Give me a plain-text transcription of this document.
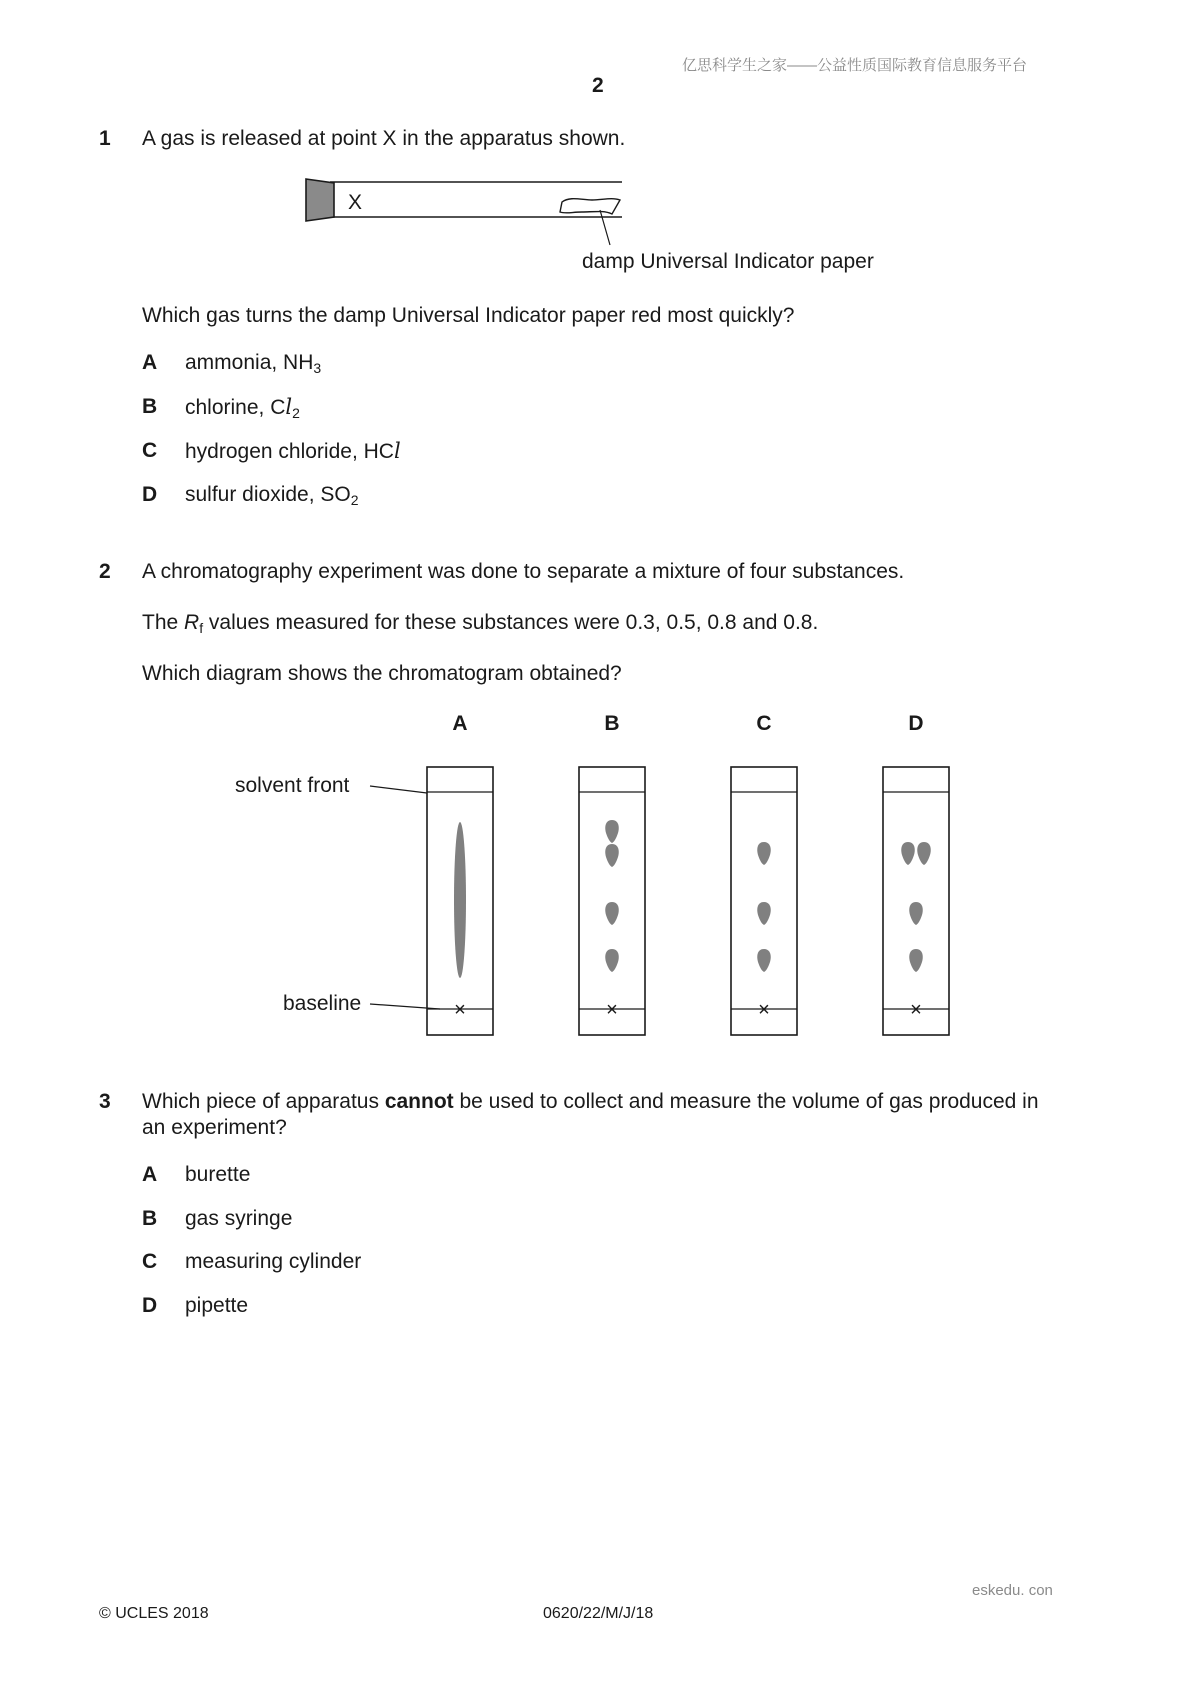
亿思科学生之家——公益性质国际教育信息服务平台
2
1 A gas is released at point X in the apparatus shown.
X
damp Universal Indicator paper
Which gas turns the damp Universal Indicator paper red most quickly?
A ammonia, $NH_3$
B chlorine, $Cl_2$
C hydrogen chloride, HCl
D sulfur dioxide, $SO_2$
2 A chromatography experiment was done to separate a mixture of four substances.
The $R_f$ values measured for these substances were 0.3, 0.5, 0.8 and 0.8.
Which diagram shows the chromatogram obtained?
A	B	C	D
solvent front
baseline	×	×	×	×
3 Which piece of apparatus cannot be used to collect and measure the volume of gas produced in
an experiment?
A burette
B gas syringe
C measuring cylinder
D pipette
eskedu. con
© UCLES 2018	0620/22/M/J/18
